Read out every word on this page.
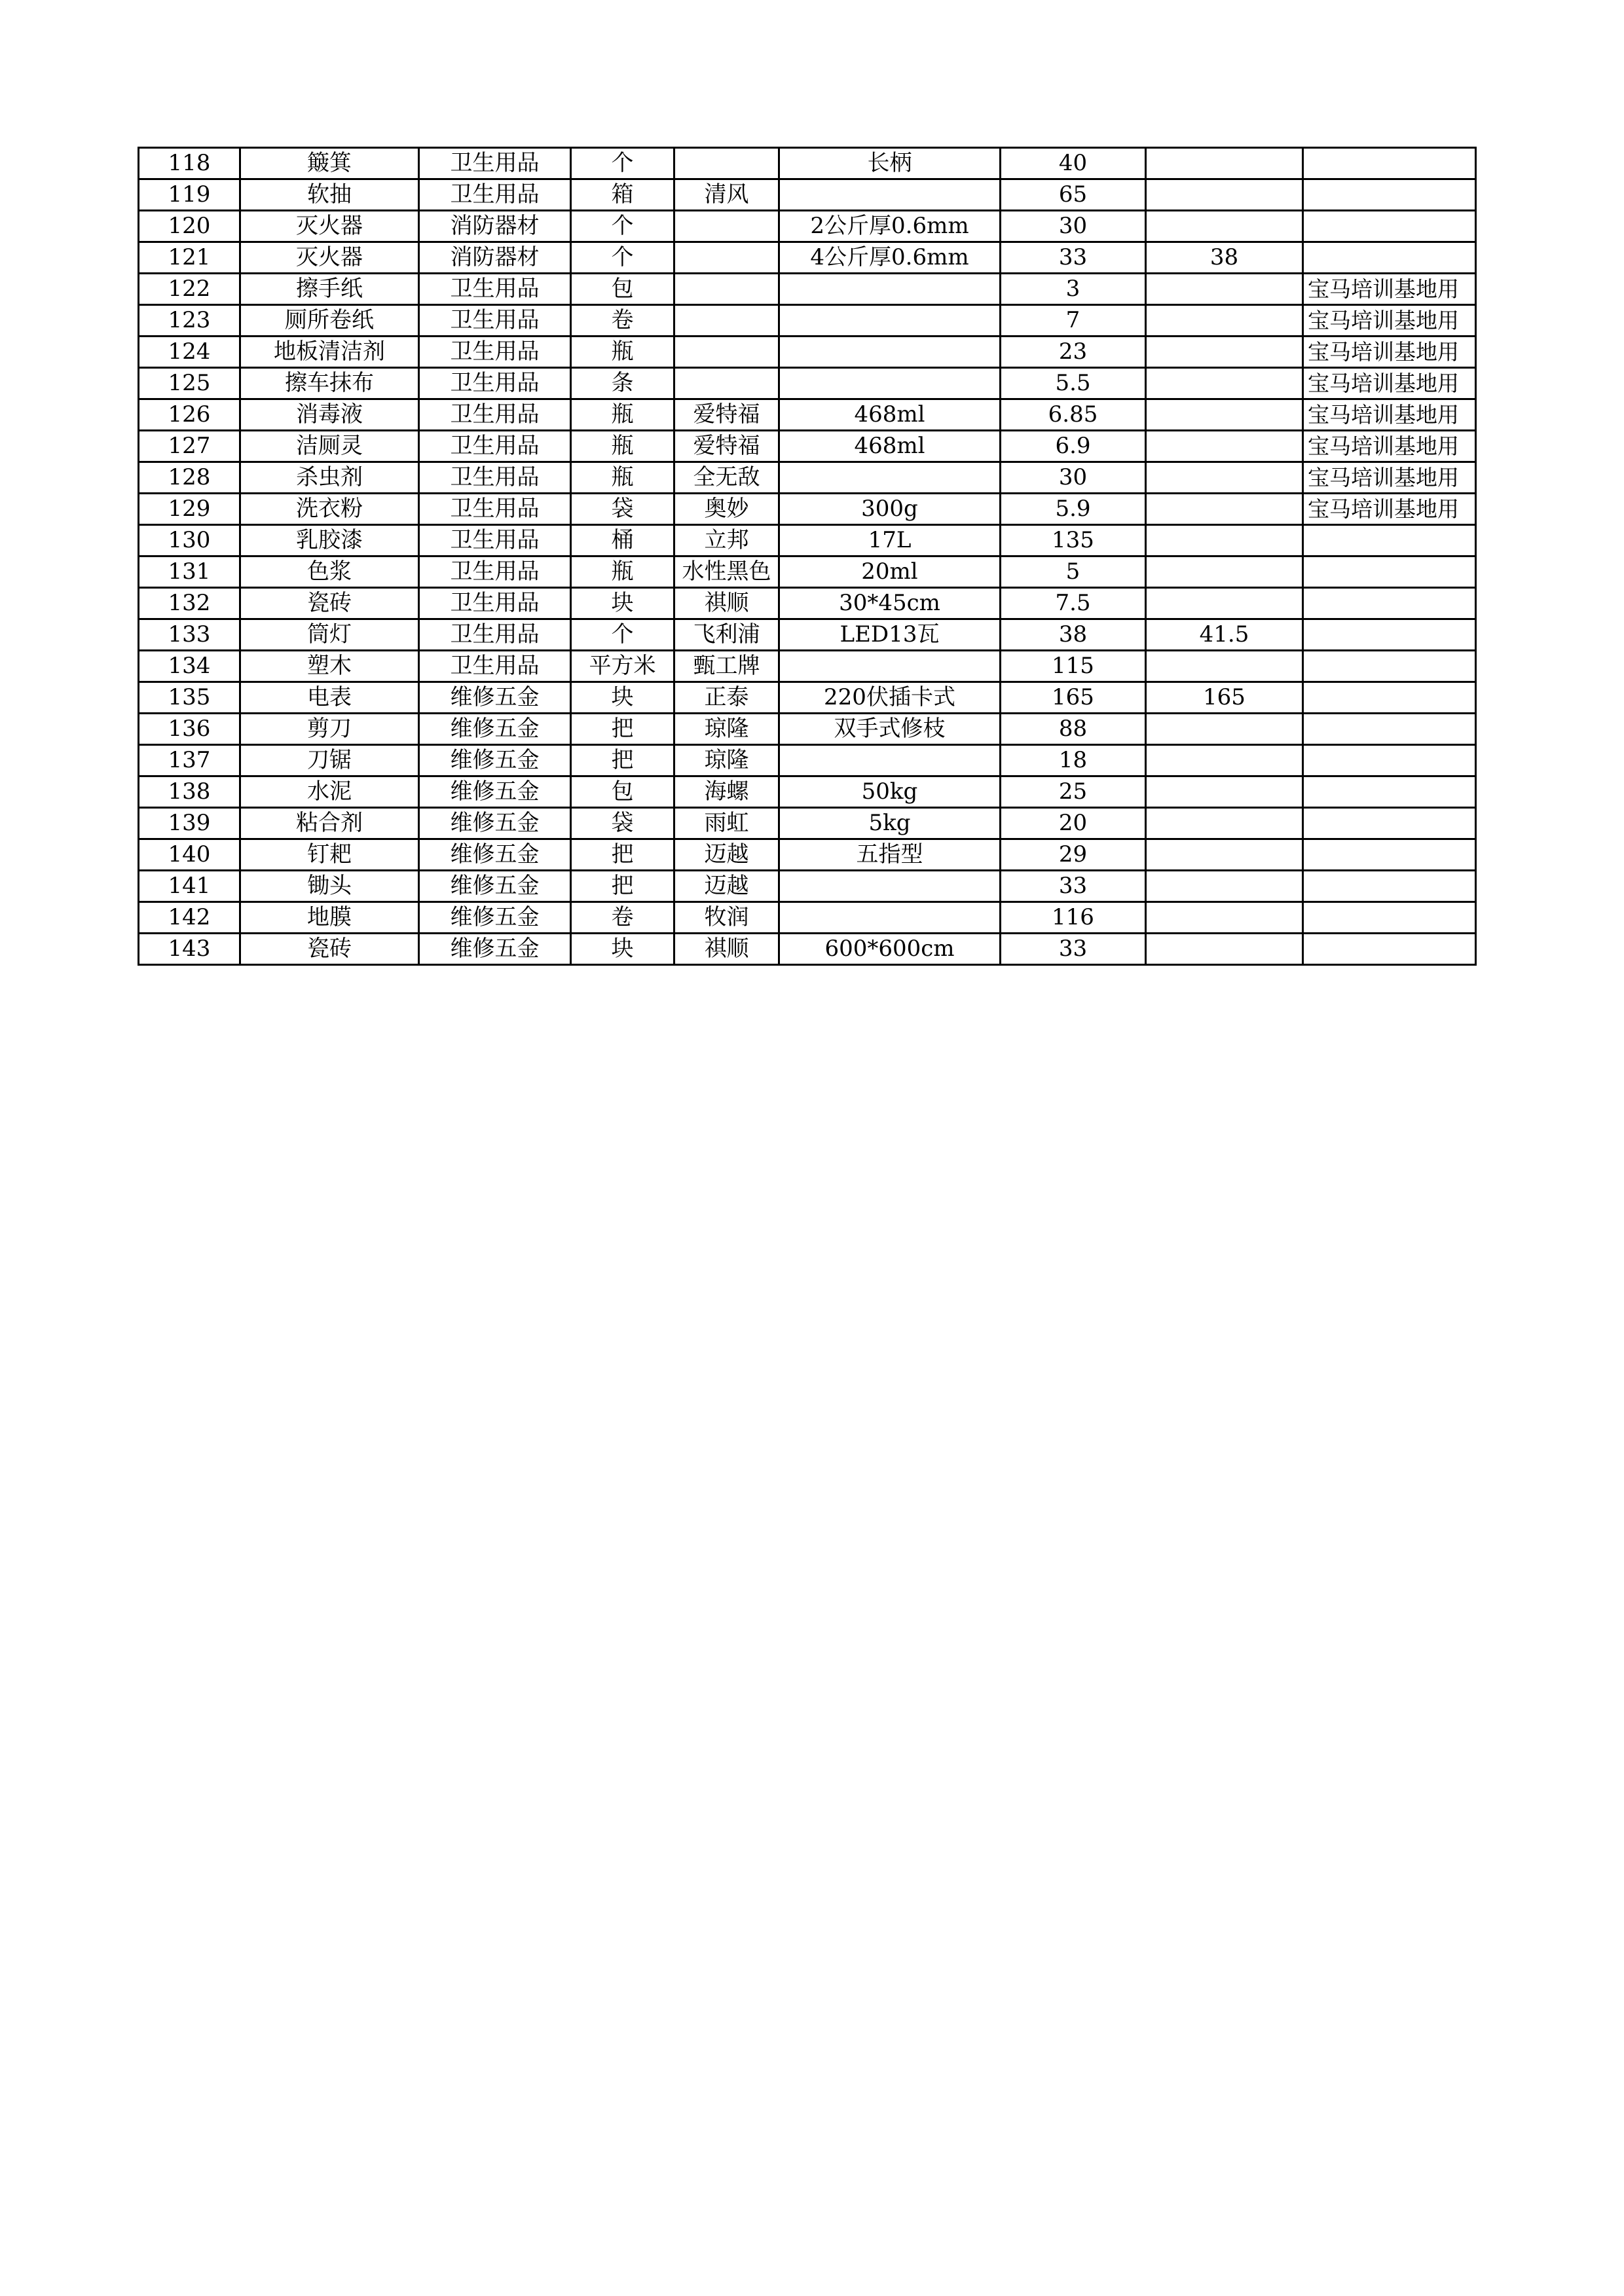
118	簸箕	卫生用品	个		长柄	40		
119	软抽	卫生用品	箱	清风		65		
120	灭火器	消防器材	个		2公斤厚0.6mm	30		
121	灭火器	消防器材	个		4公斤厚0.6mm	33	38	
122	擦手纸	卫生用品	包			3		宝马培训基地用
123	厕所卷纸	卫生用品	卷			7		宝马培训基地用
124	地板清洁剂	卫生用品	瓶			23		宝马培训基地用
125	擦车抹布	卫生用品	条			5.5		宝马培训基地用
126	消毒液	卫生用品	瓶	爱特福	468ml	6.85		宝马培训基地用
127	洁厕灵	卫生用品	瓶	爱特福	468ml	6.9		宝马培训基地用
128	杀虫剂	卫生用品	瓶	全无敌		30		宝马培训基地用
129	洗衣粉	卫生用品	袋	奥妙	300g	5.9		宝马培训基地用
130	乳胶漆	卫生用品	桶	立邦	17L	135		
131	色浆	卫生用品	瓶	水性黑色	20ml	5		
132	瓷砖	卫生用品	块	祺顺	30*45cm	7.5		
133	筒灯	卫生用品	个	飞利浦	LED13瓦	38	41.5	
134	塑木	卫生用品	平方米	甄工牌		115		
135	电表	维修五金	块	正泰	220伏插卡式	165	165	
136	剪刀	维修五金	把	琼隆	双手式修枝	88		
137	刀锯	维修五金	把	琼隆		18		
138	水泥	维修五金	包	海螺	50kg	25		
139	粘合剂	维修五金	袋	雨虹	5kg	20		
140	钉耙	维修五金	把	迈越	五指型	29		
141	锄头	维修五金	把	迈越		33		
142	地膜	维修五金	卷	牧润		116		
143	瓷砖	维修五金	块	祺顺	600*600cm	33		
